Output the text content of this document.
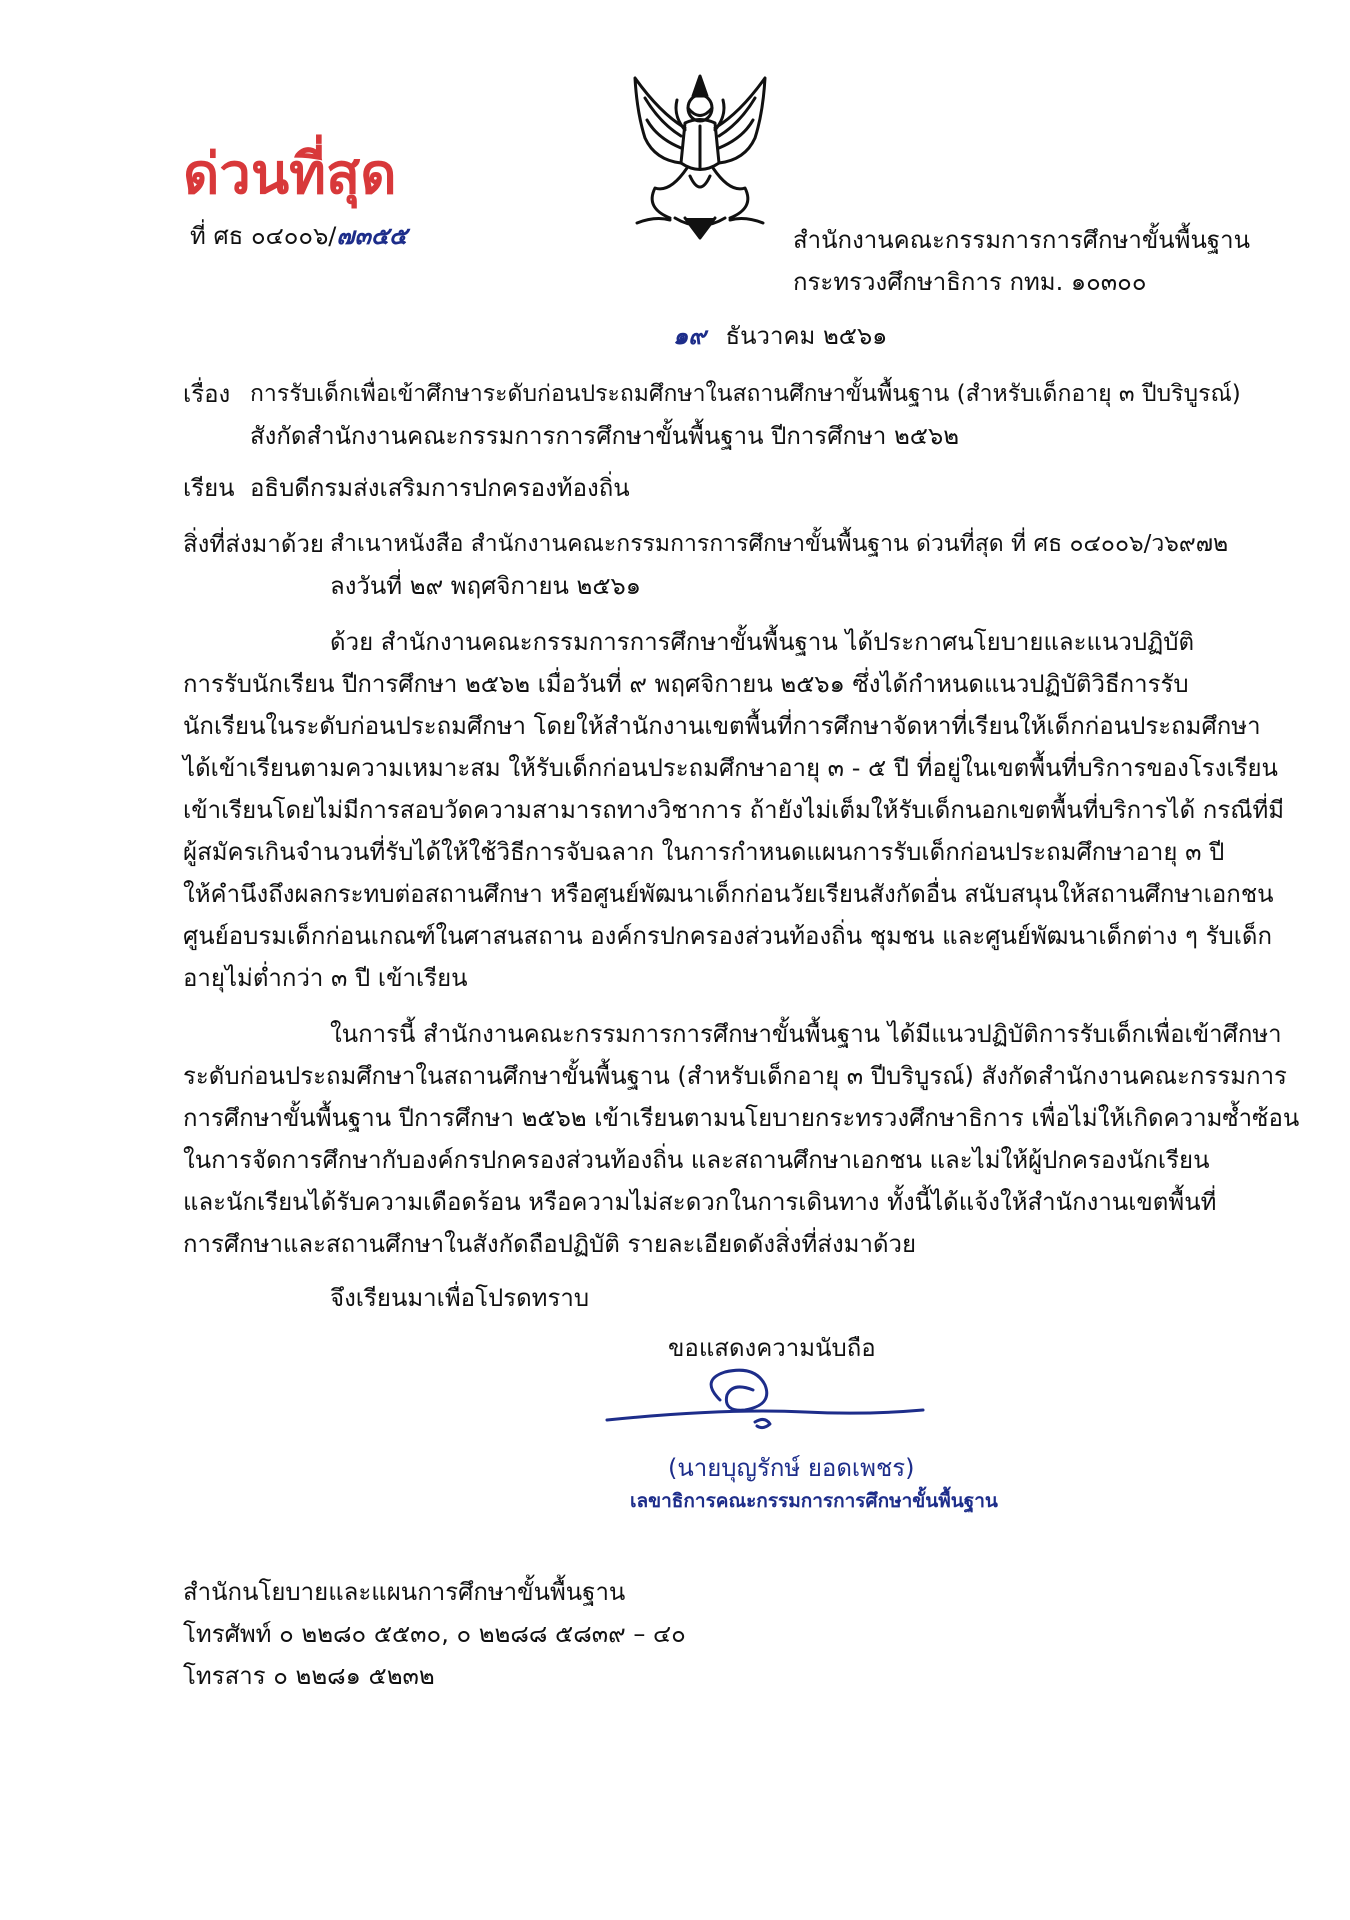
ด่วนที่สุด
ที่ ศธ ๐๔๐๐๖/๗๓๕๕	สำนักงานคณะกรรมการการศึกษาขั้นพื้นฐาน
กระทรวงศึกษาธิการ กทม. ๑๐๓๐๐
๑๙ ธันวาคม ๒๕๖๑
เรื่อง การรับเด็กเพื่อเข้าศึกษาระดับก่อนประถมศึกษาในสถานศึกษาขั้นพื้นฐาน (สำหรับเด็กอายุ ๓ ปีบริบูรณ์)
สังกัดสำนักงานคณะกรรมการการศึกษาขั้นพื้นฐาน ปีการศึกษา ๒๕๖๒
เรียน อธิบดีกรมส่งเสริมการปกครองท้องถิ่น
สิ่งที่ส่งมาด้วย สำเนาหนังสือ สำนักงานคณะกรรมการการศึกษาขั้นพื้นฐาน ด่วนที่สุด ที่ ศธ ๐๔๐๐๖/ว๖๙๗๒
ลงวันที่ ๒๙ พฤศจิกายน ๒๕๖๑
ด้วย สำนักงานคณะกรรมการการศึกษาขั้นพื้นฐาน ได้ประกาศนโยบายและแนวปฏิบัติ
การรับนักเรียน ปีการศึกษา ๒๕๖๒ เมื่อวันที่ ๙ พฤศจิกายน ๒๕๖๑ ซึ่งได้กำหนดแนวปฏิบัติวิธีการรับ
นักเรียนในระดับก่อนประถมศึกษา โดยให้สำนักงานเขตพื้นที่การศึกษาจัดหาที่เรียนให้เด็กก่อนประถมศึกษา
ได้เข้าเรียนตามความเหมาะสม ให้รับเด็กก่อนประถมศึกษาอายุ ๓ - ๕ ปี ที่อยู่ในเขตพื้นที่บริการของโรงเรียน
เข้าเรียนโดยไม่มีการสอบวัดความสามารถทางวิชาการ ถ้ายังไม่เต็มให้รับเด็กนอกเขตพื้นที่บริการได้ กรณีที่มี
ผู้สมัครเกินจำนวนที่รับได้ให้ใช้วิธีการจับฉลาก ในการกำหนดแผนการรับเด็กก่อนประถมศึกษาอายุ ๓ ปี
ให้คำนึงถึงผลกระทบต่อสถานศึกษา หรือศูนย์พัฒนาเด็กก่อนวัยเรียนสังกัดอื่น สนับสนุนให้สถานศึกษาเอกชน
ศูนย์อบรมเด็กก่อนเกณฑ์ในศาสนสถาน องค์กรปกครองส่วนท้องถิ่น ชุมชน และศูนย์พัฒนาเด็กต่าง ๆ รับเด็ก
อายุไม่ต่ำกว่า ๓ ปี เข้าเรียน
ในการนี้ สำนักงานคณะกรรมการการศึกษาขั้นพื้นฐาน ได้มีแนวปฏิบัติการรับเด็กเพื่อเข้าศึกษา
ระดับก่อนประถมศึกษาในสถานศึกษาขั้นพื้นฐาน (สำหรับเด็กอายุ ๓ ปีบริบูรณ์) สังกัดสำนักงานคณะกรรมการ
การศึกษาขั้นพื้นฐาน ปีการศึกษา ๒๕๖๒ เข้าเรียนตามนโยบายกระทรวงศึกษาธิการ เพื่อไม่ให้เกิดความซ้ำซ้อน
ในการจัดการศึกษากับองค์กรปกครองส่วนท้องถิ่น และสถานศึกษาเอกชน และไม่ให้ผู้ปกครองนักเรียน
และนักเรียนได้รับความเดือดร้อน หรือความไม่สะดวกในการเดินทาง ทั้งนี้ได้แจ้งให้สำนักงานเขตพื้นที่
การศึกษาและสถานศึกษาในสังกัดถือปฏิบัติ รายละเอียดดังสิ่งที่ส่งมาด้วย
จึงเรียนมาเพื่อโปรดทราบ
ขอแสดงความนับถือ
(นายบุญรักษ์ ยอดเพชร)
เลขาธิการคณะกรรมการการศึกษาขั้นพื้นฐาน
สำนักนโยบายและแผนการศึกษาขั้นพื้นฐาน
โทรศัพท์ ๐ ๒๒๘๐ ๕๕๓๐, ๐ ๒๒๘๘ ๕๘๓๙ – ๔๐
โทรสาร ๐ ๒๒๘๑ ๕๒๓๒
